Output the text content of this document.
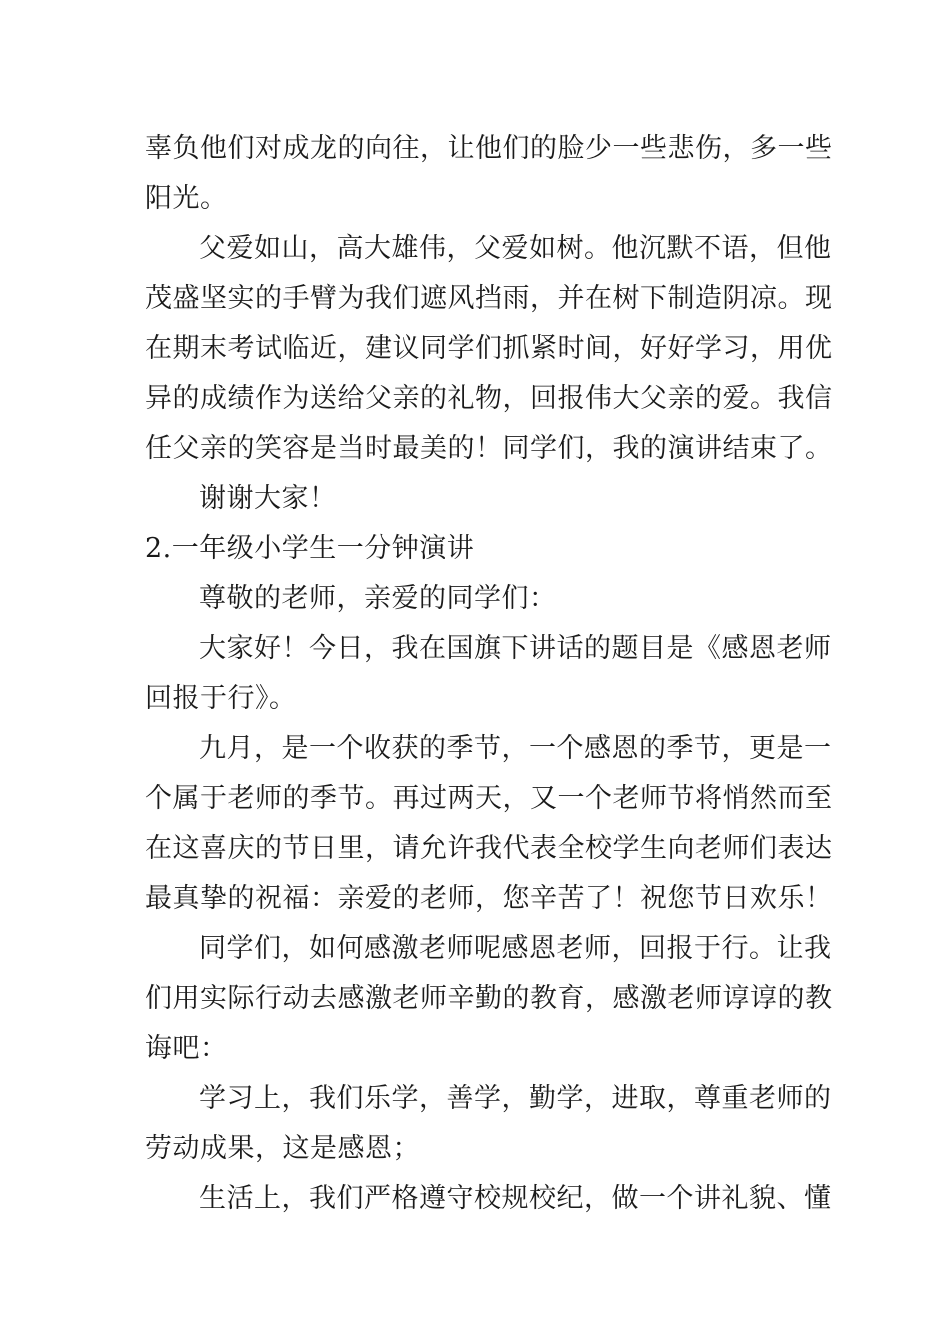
辜负他们对成龙的向往，让他们的脸少一些悲伤，多一些
阳光。
父爱如山，高大雄伟，父爱如树。他沉默不语，但他
茂盛坚实的手臂为我们遮风挡雨，并在树下制造阴凉。现
在期末考试临近，建议同学们抓紧时间，好好学习，用优
异的成绩作为送给父亲的礼物，回报伟大父亲的爱。我信
任父亲的笑容是当时最美的！同学们，我的演讲结束了。
谢谢大家！
2.一年级小学生一分钟演讲
尊敬的老师，亲爱的同学们：
大家好！今日，我在国旗下讲话的题目是《感恩老师
回报于行》。
九月，是一个收获的季节，一个感恩的季节，更是一
个属于老师的季节。再过两天，又一个老师节将悄然而至
在这喜庆的节日里，请允许我代表全校学生向老师们表达
最真挚的祝福：亲爱的老师，您辛苦了！祝您节日欢乐！
同学们，如何感激老师呢感恩老师，回报于行。让我
们用实际行动去感激老师辛勤的教育，感激老师谆谆的教
诲吧：
学习上，我们乐学，善学，勤学，进取，尊重老师的
劳动成果，这是感恩；
生活上，我们严格遵守校规校纪，做一个讲礼貌、懂
